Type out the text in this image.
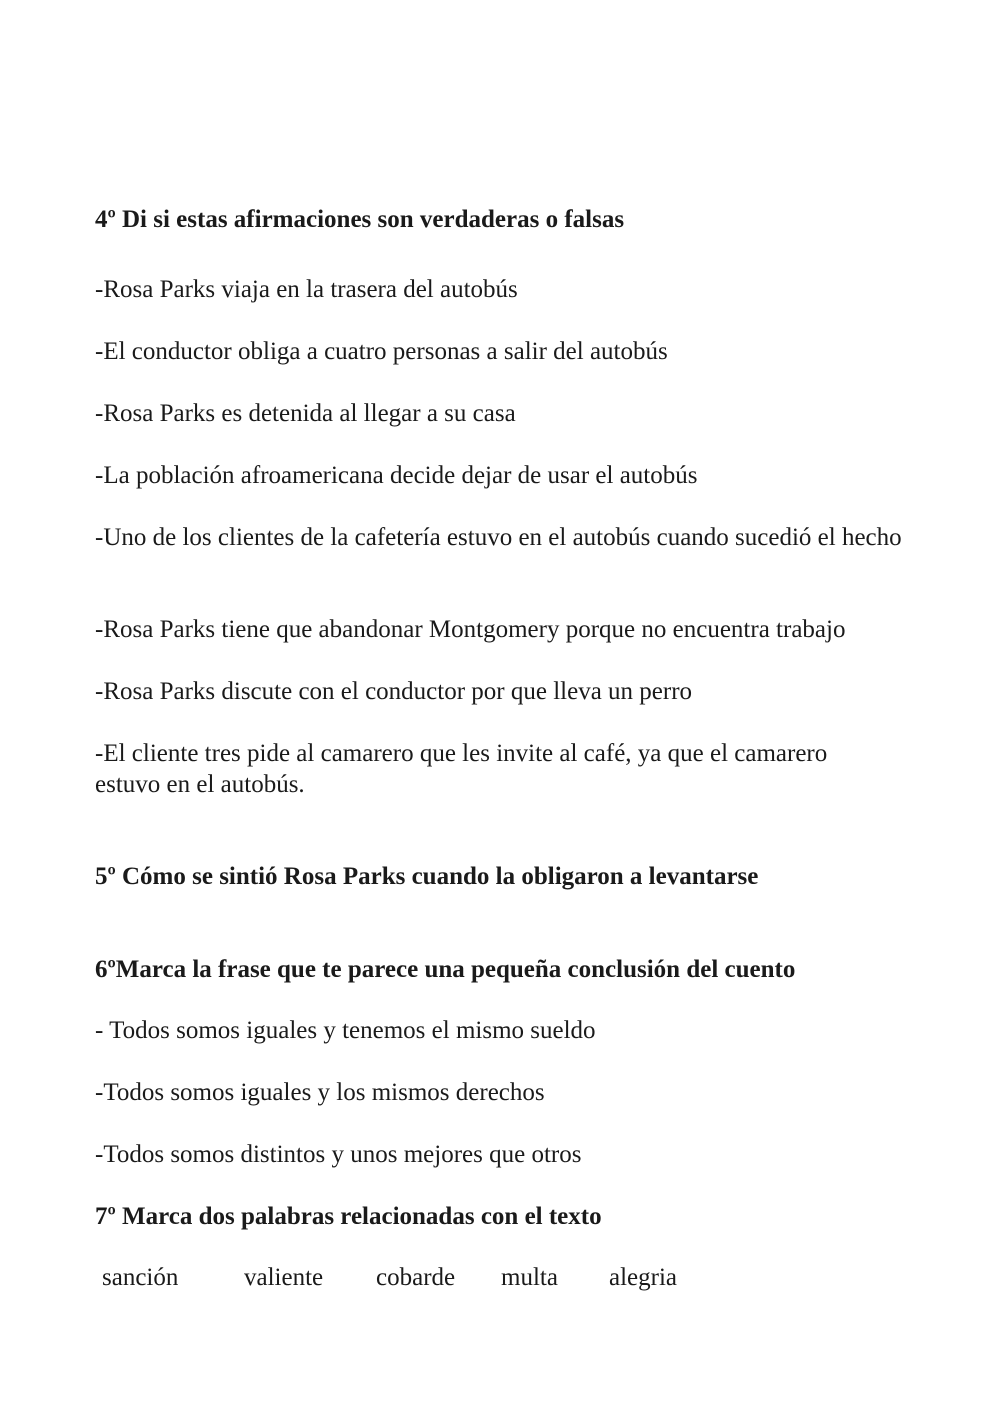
4º Di si estas afirmaciones son verdaderas o falsas
-Rosa Parks viaja en la trasera del autobús
-El conductor obliga a cuatro personas a salir del autobús
-Rosa Parks es detenida al llegar a su casa
-La población afroamericana decide dejar de usar el autobús
-Uno de los clientes de la cafetería estuvo en el autobús cuando sucedió el hecho
-Rosa Parks tiene que abandonar Montgomery porque no encuentra trabajo
-Rosa Parks discute con el conductor por que lleva un perro
-El cliente tres pide al camarero que les invite al café, ya que el camarero estuvo en el autobús.
5º Cómo se sintió Rosa Parks cuando la obligaron a levantarse
6ºMarca la frase que te parece una pequeña conclusión del cuento
- Todos somos iguales y tenemos el mismo sueldo
-Todos somos iguales y los mismos derechos
-Todos somos distintos y unos mejores que otros
7º Marca dos palabras relacionadas con el texto
sanción	valiente cobarde multa alegria
